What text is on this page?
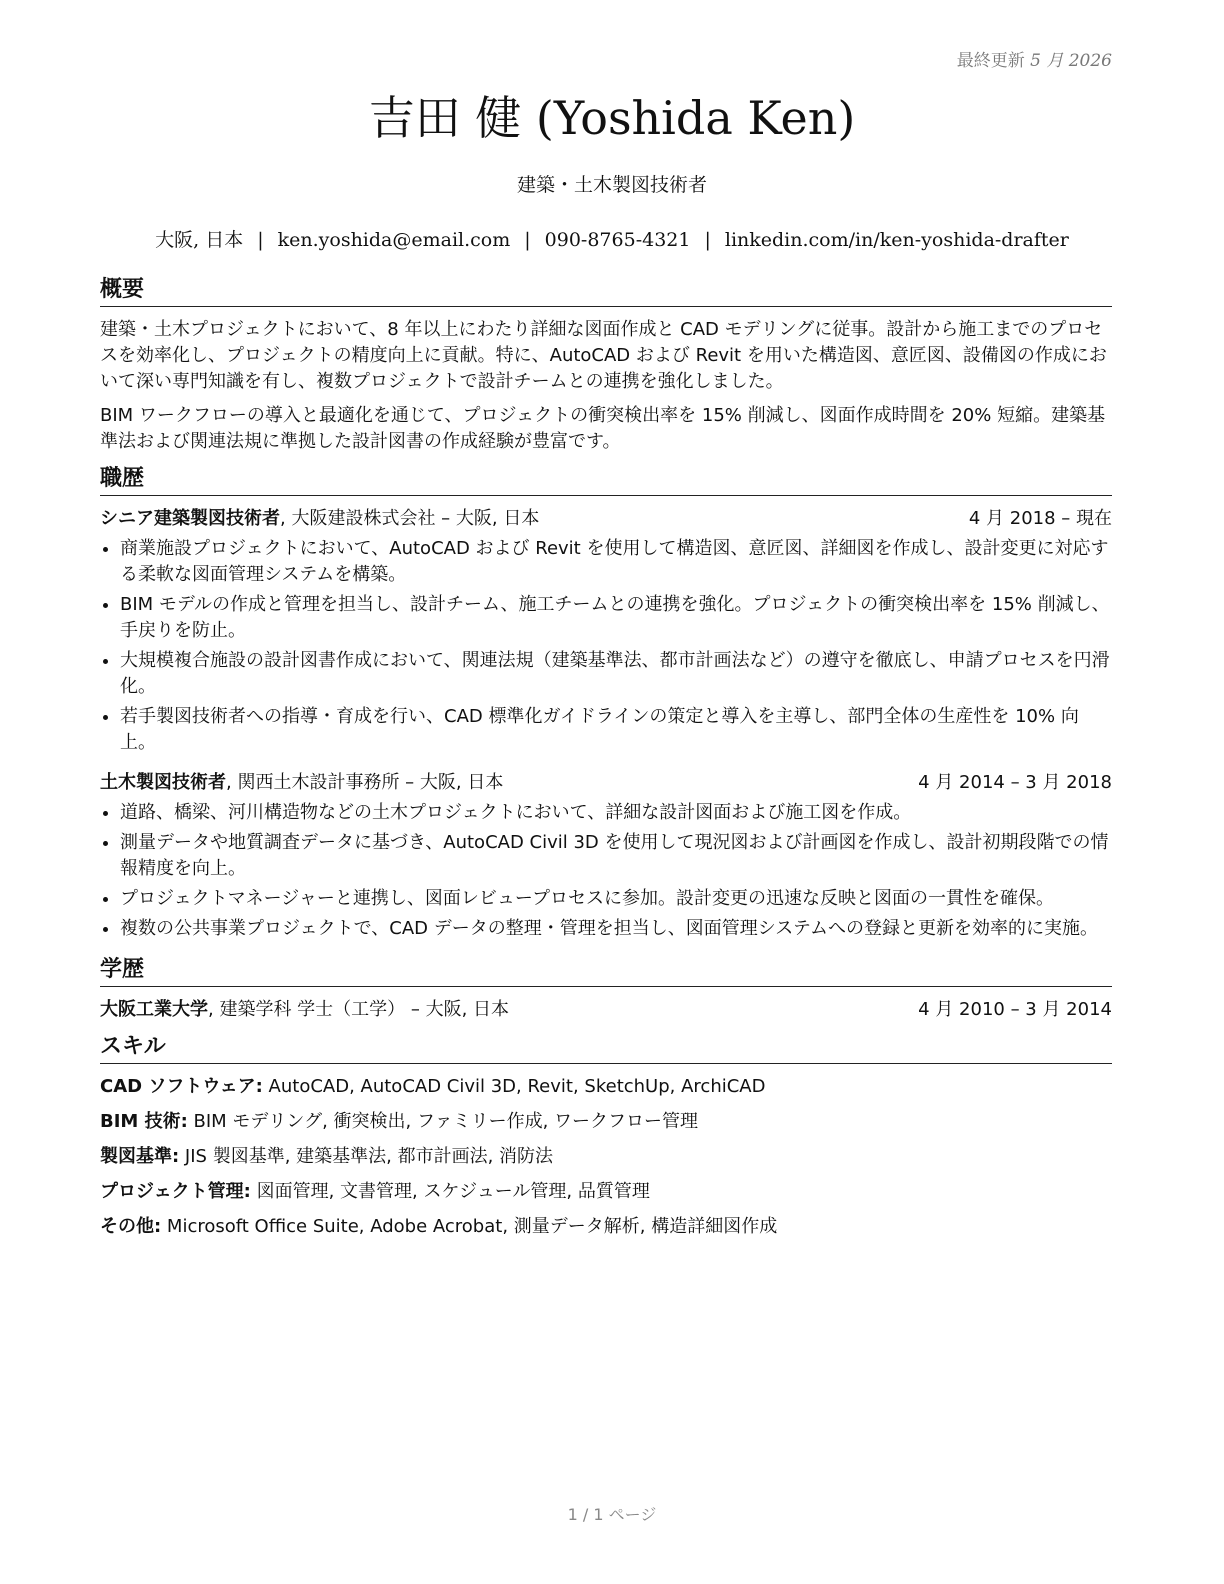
最終更新 5 月 2026
吉田 健 (Yoshida Ken)
建築・土木製図技術者
大阪, 日本 | ken.yoshida@email.com | 090-8765-4321 | linkedin.com/in/ken-yoshida-drafter
概要

建築・土木プロジェクトにおいて、8 年以上にわたり詳細な図面作成と CAD モデリングに従事。設計から施工までのプロセスを効率化し、プロジェクトの精度向上に貢献。特に、AutoCAD および Revit を用いた構造図、意匠図、設備図の作成において深い専門知識を有し、複数プロジェクトで設計チームとの連携を強化しました。

BIM ワークフローの導入と最適化を通じて、プロジェクトの衝突検出率を 15% 削減し、図面作成時間を 20% 短縮。建築基準法および関連法規に準拠した設計図書の作成経験が豊富です。

職歴
シニア建築製図技術者, 大阪建設株式会社 – 大阪, 日本	4 月 2018 – 現在
• 商業施設プロジェクトにおいて、AutoCAD および Revit を使用して構造図、意匠図、詳細図を作成し、設計変更に対応する柔軟な図面管理システムを構築。
• BIM モデルの作成と管理を担当し、設計チーム、施工チームとの連携を強化。プロジェクトの衝突検出率を 15% 削減し、手戻りを防止。
• 大規模複合施設の設計図書作成において、関連法規（建築基準法、都市計画法など）の遵守を徹底し、申請プロセスを円滑化。
• 若手製図技術者への指導・育成を行い、CAD 標準化ガイドラインの策定と導入を主導し、部門全体の生産性を 10% 向上。
土木製図技術者, 関西土木設計事務所 – 大阪, 日本	4 月 2014 – 3 月 2018
• 道路、橋梁、河川構造物などの土木プロジェクトにおいて、詳細な設計図面および施工図を作成。
• 測量データや地質調査データに基づき、AutoCAD Civil 3D を使用して現況図および計画図を作成し、設計初期段階での情報精度を向上。
• プロジェクトマネージャーと連携し、図面レビュープロセスに参加。設計変更の迅速な反映と図面の一貫性を確保。
• 複数の公共事業プロジェクトで、CAD データの整理・管理を担当し、図面管理システムへの登録と更新を効率的に実施。
学歴
大阪工業大学, 建築学科 学士（工学） – 大阪, 日本	4 月 2010 – 3 月 2014
スキル
CAD ソフトウェア: AutoCAD, AutoCAD Civil 3D, Revit, SketchUp, ArchiCAD
BIM 技術: BIM モデリング, 衝突検出, ファミリー作成, ワークフロー管理
製図基準: JIS 製図基準, 建築基準法, 都市計画法, 消防法
プロジェクト管理: 図面管理, 文書管理, スケジュール管理, 品質管理
その他: Microsoft Office Suite, Adobe Acrobat, 測量データ解析, 構造詳細図作成
1 / 1 ページ
